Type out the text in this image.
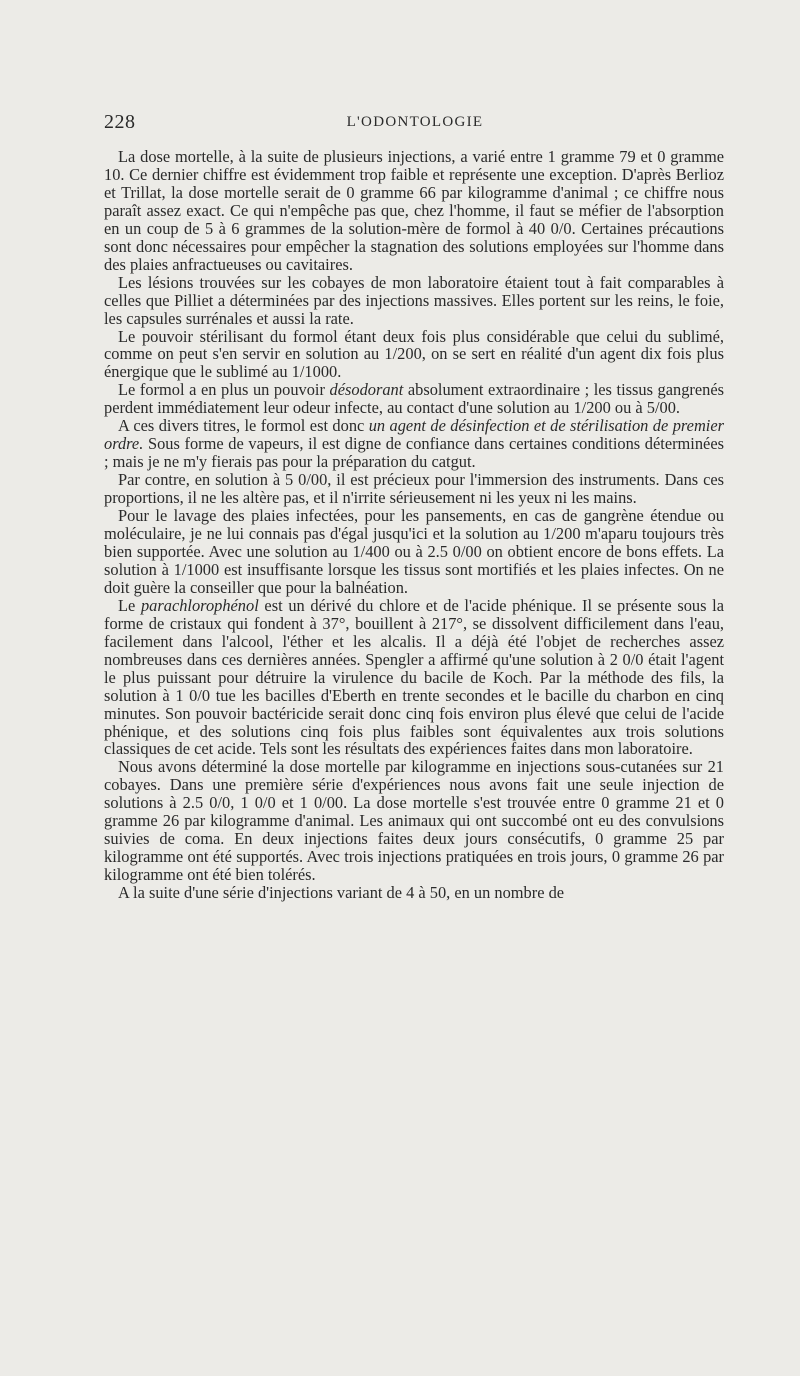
228	L'ODONTOLOGIE

La dose mortelle, à la suite de plusieurs injections, a varié entre 1 gramme 79 et 0 gramme 10. Ce dernier chiffre est évidemment trop faible et représente une exception. D'après Berlioz et Trillat, la dose mortelle serait de 0 gramme 66 par kilogramme d'animal ; ce chiffre nous paraît assez exact. Ce qui n'empêche pas que, chez l'homme, il faut se méfier de l'absorption en un coup de 5 à 6 grammes de la solution-mère de formol à 40 0/0. Certaines précautions sont donc nécessaires pour empêcher la stagnation des solutions employées sur l'homme dans des plaies anfractueuses ou cavitaires.

Les lésions trouvées sur les cobayes de mon laboratoire étaient tout à fait comparables à celles que Pilliet a déterminées par des injections massives. Elles portent sur les reins, le foie, les capsules surrénales et aussi la rate.

Le pouvoir stérilisant du formol étant deux fois plus considérable que celui du sublimé, comme on peut s'en servir en solution au 1/200, on se sert en réalité d'un agent dix fois plus énergique que le sublimé au 1/1000.

Le formol a en plus un pouvoir désodorant absolument extraordinaire ; les tissus gangrenés perdent immédiatement leur odeur infecte, au contact d'une solution au 1/200 ou à 5/00.

A ces divers titres, le formol est donc un agent de désinfection et de stérilisation de premier ordre. Sous forme de vapeurs, il est digne de confiance dans certaines conditions déterminées ; mais je ne m'y fierais pas pour la préparation du catgut.

Par contre, en solution à 5 0/00, il est précieux pour l'immersion des instruments. Dans ces proportions, il ne les altère pas, et il n'irrite sérieusement ni les yeux ni les mains.

Pour le lavage des plaies infectées, pour les pansements, en cas de gangrène étendue ou moléculaire, je ne lui connais pas d'égal jusqu'ici et la solution au 1/200 m'aparu toujours très bien supportée. Avec une solution au 1/400 ou à 2.5 0/00 on obtient encore de bons effets. La solution à 1/1000 est insuffisante lorsque les tissus sont mortifiés et les plaies infectes. On ne doit guère la conseiller que pour la balnéation.

Le parachlorophénol est un dérivé du chlore et de l'acide phénique. Il se présente sous la forme de cristaux qui fondent à 37°, bouillent à 217°, se dissolvent difficilement dans l'eau, facilement dans l'alcool, l'éther et les alcalis. Il a déjà été l'objet de recherches assez nombreuses dans ces dernières années. Spengler a affirmé qu'une solution à 2 0/0 était l'agent le plus puissant pour détruire la virulence du bacile de Koch. Par la méthode des fils, la solution à 1 0/0 tue les bacilles d'Eberth en trente secondes et le bacille du charbon en cinq minutes. Son pouvoir bactéricide serait donc cinq fois environ plus élevé que celui de l'acide phénique, et des solutions cinq fois plus faibles sont équivalentes aux trois solutions classiques de cet acide. Tels sont les résultats des expériences faites dans mon laboratoire.

Nous avons déterminé la dose mortelle par kilogramme en injections sous-cutanées sur 21 cobayes. Dans une première série d'expériences nous avons fait une seule injection de solutions à 2.5 0/0, 1 0/0 et 1 0/00. La dose mortelle s'est trouvée entre 0 gramme 21 et 0 gramme 26 par kilogramme d'animal. Les animaux qui ont succombé ont eu des convulsions suivies de coma. En deux injections faites deux jours consécutifs, 0 gramme 25 par kilogramme ont été supportés. Avec trois injections pratiquées en trois jours, 0 gramme 26 par kilogramme ont été bien tolérés.

A la suite d'une série d'injections variant de 4 à 50, en un nombre de
